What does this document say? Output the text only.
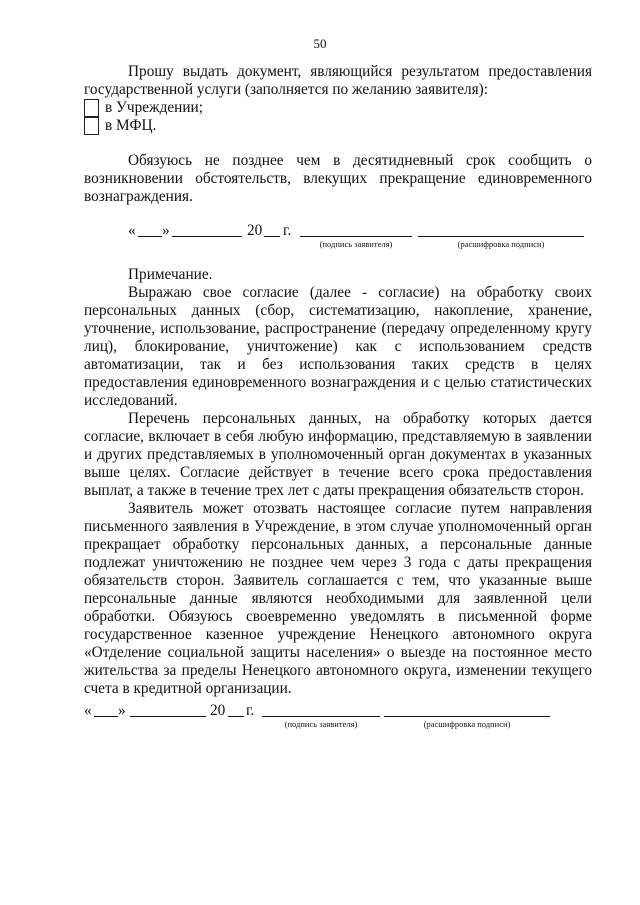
50
Прошу выдать документ, являющийся результатом предоставления
государственной услуги (заполняется по желанию заявителя):
в Учреждении;
в МФЦ.
Обязуюсь не позднее чем в десятидневный срок сообщить о
возникновении обстоятельств, влекущих прекращение единовременного
вознаграждения.
« »	20 г.
(подпись заявителя)	(расшифровка подписи)
Примечание.
Выражаю свое согласие (далее - согласие) на обработку своих
персональных данных (сбор, систематизацию, накопление, хранение,
уточнение, использование, распространение (передачу определенному кругу
лиц), блокирование, уничтожение) как с использованием средств
автоматизации, так и без использования таких средств в целях
предоставления единовременного вознаграждения и с целью статистических
исследований.
Перечень персональных данных, на обработку которых дается
согласие, включает в себя любую информацию, представляемую в заявлении
и других представляемых в уполномоченный орган документах в указанных
выше целях. Согласие действует в течение всего срока предоставления
выплат, а также в течение трех лет с даты прекращения обязательств сторон.
Заявитель может отозвать настоящее согласие путем направления
письменного заявления в Учреждение, в этом случае уполномоченный орган
прекращает обработку персональных данных, а персональные данные
подлежат уничтожению не позднее чем через 3 года с даты прекращения
обязательств сторон. Заявитель соглашается с тем, что указанные выше
персональные данные являются необходимыми для заявленной цели
обработки. Обязуюсь своевременно уведомлять в письменной форме
государственное казенное учреждение Ненецкого автономного округа
«Отделение социальной защиты населения» о выезде на постоянное место
жительства за пределы Ненецкого автономного округа, изменении текущего
счета в кредитной организации.
« »	20 г.
(подпись заявителя)	(расшифровка подписи)
